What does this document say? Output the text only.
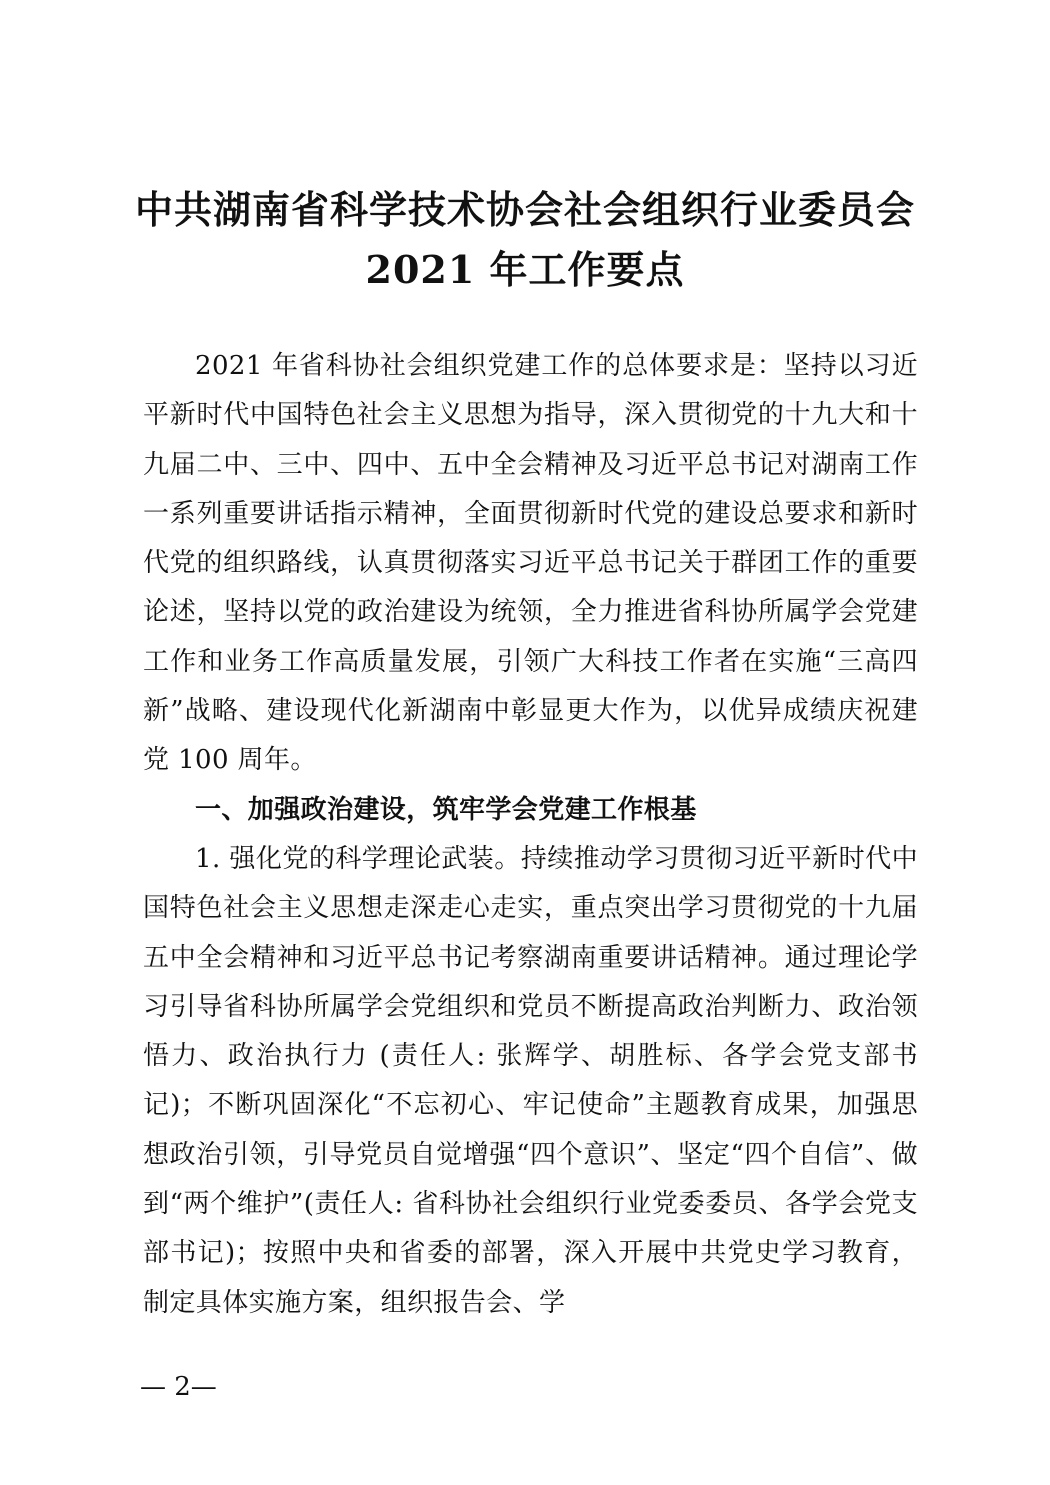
中共湖南省科学技术协会社会组织行业委员会
2021 年工作要点

2021 年省科协社会组织党建工作的总体要求是：坚持以习近平新时代中国特色社会主义思想为指导，深入贯彻党的十九大和十九届二中、三中、四中、五中全会精神及习近平总书记对湖南工作一系列重要讲话指示精神，全面贯彻新时代党的建设总要求和新时代党的组织路线，认真贯彻落实习近平总书记关于群团工作的重要论述，坚持以党的政治建设为统领，全力推进省科协所属学会党建工作和业务工作高质量发展，引领广大科技工作者在实施“三高四新”战略、建设现代化新湖南中彰显更大作为，以优异成绩庆祝建党 100 周年。

一、加强政治建设，筑牢学会党建工作根基

1. 强化党的科学理论武装。持续推动学习贯彻习近平新时代中国特色社会主义思想走深走心走实，重点突出学习贯彻党的十九届五中全会精神和习近平总书记考察湖南重要讲话精神。通过理论学习引导省科协所属学会党组织和党员不断提高政治判断力、政治领悟力、政治执行力 (责任人: 张辉学、胡胜标、各学会党支部书记)；不断巩固深化“不忘初心、牢记使命”主题教育成果，加强思想政治引领，引导党员自觉增强“四个意识”、坚定“四个自信”、做到“两个维护”(责任人: 省科协社会组织行业党委委员、各学会党支部书记)；按照中央和省委的部署，深入开展中共党史学习教育，制定具体实施方案，组织报告会、学

— 2—
